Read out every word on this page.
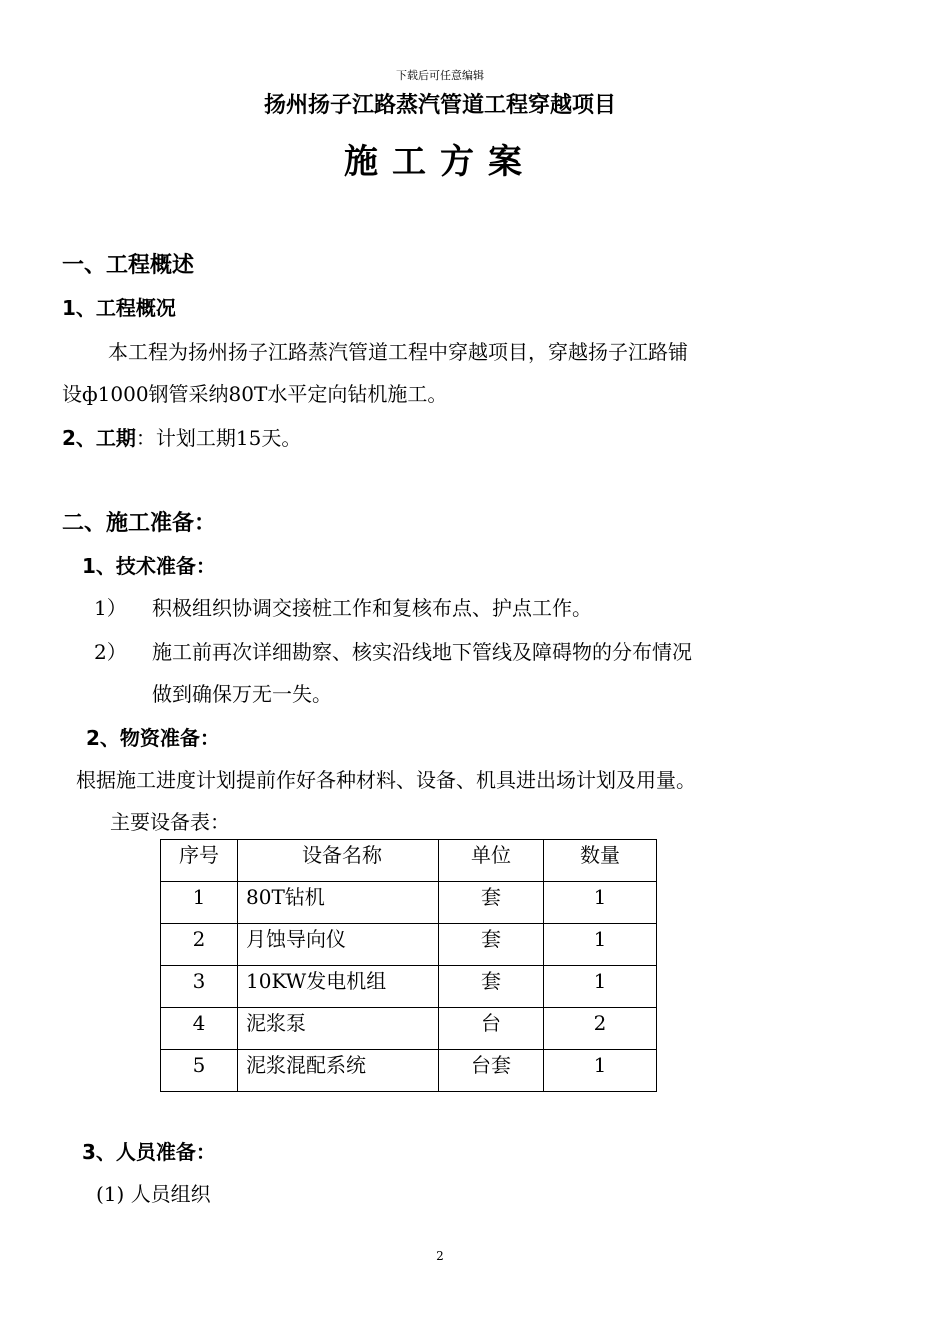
下载后可任意编辑
扬州扬子江路蒸汽管道工程穿越项目
施工方案
一、工程概述
1、工程概况
本工程为扬州扬子江路蒸汽管道工程中穿越项目，穿越扬子江路铺
设ф1000钢管采纳80T水平定向钻机施工。
2、工期：计划工期15天。
二、施工准备：
1、技术准备：
1） 积极组织协调交接桩工作和复核布点、护点工作。
2） 施工前再次详细勘察、核实沿线地下管线及障碍物的分布情况
做到确保万无一失。
2、物资准备：
根据施工进度计划提前作好各种材料、设备、机具进出场计划及用量。
主要设备表：
序号	设备名称	单位	数量
1	80T钻机	套	1
2	月蚀导向仪	套	1
3	10KW发电机组	套	1
4	泥浆泵	台	2
5	泥浆混配系统	台套	1
3、人员准备：
(1) 人员组织
2
